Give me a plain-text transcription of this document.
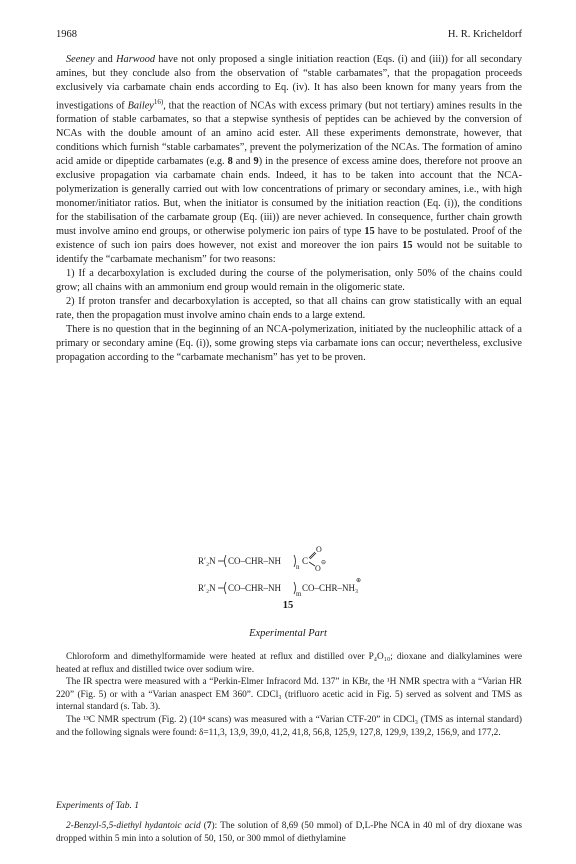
1968	H. R. Kricheldorf

Seeney and Harwood have not only proposed a single initiation reaction (Eqs. (i) and (iii)) for all secondary amines, but they conclude also from the observation of “stable carbamates”, that the propagation proceeds exclusively via carbamate chain ends according to Eq. (iv). It has also been known for many years from the investigations of Bailey$^{16)}$, that the reaction of NCAs with excess primary (but not tertiary) amines results in the formation of stable carbamates, so that a stepwise synthesis of peptides can be achieved by the conversion of NCAs with the double amount of an amino acid ester. All these experiments demonstrate, however, that conditions which furnish “stable carbamates”, prevent the polymerization of the NCAs. The formation of amino acid amide or dipeptide carbamates (e.g. 8 and 9) in the presence of excess amine does, therefore not proove an exclusive propagation via carbamate chain ends. Indeed, it has to be taken into account that the NCA-polymerization is generally carried out with low concentrations of primary or secondary amines, i.e., with high monomer/initiator ratios. But, when the initiator is consumed by the initiation reaction (Eq. (i)), the conditions for the stabilisation of the carbamate group (Eq. (iii)) are never achieved. In consequence, further chain growth must involve amino end groups, or otherwise polymeric ion pairs of type 15 have to be postulated. Proof of the existence of such ion pairs does however, not exist and moreover the ion pairs 15 would not be suitable to identify the “carbamate mechanism” for two reasons:

1) If a decarboxylation is excluded during the course of the polymerisation, only 50% of the chains could grow; all chains with an ammonium end group would remain in the oligomeric state.

2) If proton transfer and decarboxylation is accepted, so that all chains can grow statistically with an equal rate, then the propagation must involve amino chain ends to a large extend.

There is no question that in the beginning of an NCA-polymerization, initiated by the nucleophilic attack of a primary or secondary amine (Eq. (i)), some growing steps via carbamate ions can occur; nevertheless, exclusive propagation according to the “carbamate mechanism” has yet to be proven.

R′₂N CO–CHR–NH
n
C
O
O
⊖
R′₂N CO–CHR–NH
m
CO–CHR–NH₃
⊕
15
Experimental Part

Chloroform and dimethylformamide were heated at reflux and distilled over P₄O₁₀; dioxane and dialkylamines were heated at reflux and distilled twice over sodium wire.

The IR spectra were measured with a “Perkin-Elmer Infracord Md. 137” in KBr, the ¹H NMR spectra with a “Varian HR 220” (Fig. 5) or with a “Varian anaspect EM 360”. CDCl₃ (trifluoro acetic acid in Fig. 5) served as solvent and TMS as internal standard (s. Tab. 3).

The ¹³C NMR spectrum (Fig. 2) (10⁴ scans) was measured with a “Varian CTF-20” in CDCl₃ (TMS as internal standard) and the following signals were found: δ=11,3, 13,9, 39,0, 41,2, 41,8, 56,8, 125,9, 127,8, 129,9, 139,2, 156,9, and 177,2.

Experiments of Tab. 1

2-Benzyl-5,5-diethyl hydantoic acid (7): The solution of 8,69 (50 mmol) of D,L-Phe NCA in 40 ml of dry dioxane was dropped within 5 min into a solution of 50, 150, or 300 mmol of diethylamine
